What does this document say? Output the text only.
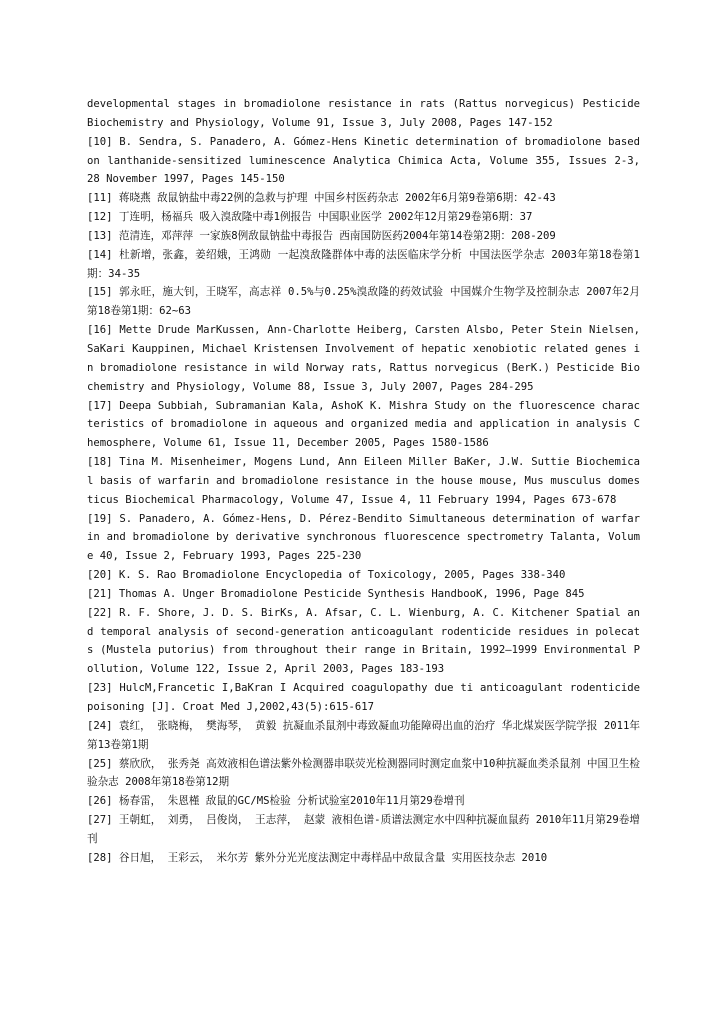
developmental stages in bromadiolone resistance in rats (Rattus norvegicus) Pesticide Biochemistry and Physiology, Volume 91, Issue 3, July 2008, Pages 147-152

[10] B. Sendra, S. Panadero, A. Gómez-Hens Kinetic determination of bromadiolone based on lanthanide-sensitized luminescence Analytica Chimica Acta, Volume 355, Issues 2-3, 28 November 1997, Pages 145-150

[11] 蒋晓燕 敌鼠钠盐中毒22例的急救与护理 中国乡村医药杂志 2002年6月第9卷第6期：42-43

[12] 丁连明，杨福兵 吸入溴敌隆中毒1例报告 中国职业医学 2002年12月第29卷第6期：37

[13] 范清连，邓萍萍 一家族8例敌鼠钠盐中毒报告 西南国防医药2004年第14卷第2期：208-209

[14] 杜新增，张鑫，姜绍娥，王鸿勋 一起溴敌隆群体中毒的法医临床学分析 中国法医学杂志 2003年第18卷第1期：34-35

[15] 郭永旺，施大钊，王晓军，高志祥 0.5%与0.25%溴敌隆的药效试验 中国媒介生物学及控制杂志 2007年2月第18卷第1期：62~63

[16] Mette Drude MarKussen, Ann-Charlotte Heiberg, Carsten Alsbo, Peter Stein Nielsen, SaKari Kauppinen, Michael Kristensen Involvement of hepatic xenobiotic related genes in bromadiolone resistance in wild Norway rats, Rattus norvegicus (BerK.) Pesticide Biochemistry and Physiology, Volume 88, Issue 3, July 2007, Pages 284-295

[17] Deepa Subbiah, Subramanian Kala, AshoK K. Mishra Study on the fluorescence characteristics of bromadiolone in aqueous and organized media and application in analysis Chemosphere, Volume 61, Issue 11, December 2005, Pages 1580-1586

[18] Tina M. Misenheimer, Mogens Lund, Ann Eileen Miller BaKer, J.W. Suttie Biochemical basis of warfarin and bromadiolone resistance in the house mouse, Mus musculus domesticus Biochemical Pharmacology, Volume 47, Issue 4, 11 February 1994, Pages 673-678

[19] S. Panadero, A. Gómez-Hens, D. Pérez-Bendito Simultaneous determination of warfarin and bromadiolone by derivative synchronous fluorescence spectrometry Talanta, Volume 40, Issue 2, February 1993, Pages 225-230

[20] K. S. Rao Bromadiolone Encyclopedia of Toxicology, 2005, Pages 338-340

[21] Thomas A. Unger Bromadiolone Pesticide Synthesis HandbooK, 1996, Page 845

[22] R. F. Shore, J. D. S. BirKs, A. Afsar, C. L. Wienburg, A. C. Kitchener Spatial and temporal analysis of second-generation anticoagulant rodenticide residues in polecats (Mustela putorius) from throughout their range in Britain, 1992–1999 Environmental Pollution, Volume 122, Issue 2, April 2003, Pages 183-193

[23] HulcM,Francetic I,BaKran I Acquired coagulopathy due ti anticoagulant rodenticide poisoning [J]. Croat Med J,2002,43(5):615-617

[24] 袁红， 张晓梅， 樊海琴， 黄毅 抗凝血杀鼠剂中毒致凝血功能障碍出血的治疗 华北煤炭医学院学报 2011年第13卷第1期

[25] 蔡欣欣， 张秀尧 高效液相色谱法紫外检测器串联荧光检测器同时测定血浆中10种抗凝血类杀鼠剂 中国卫生检验杂志 2008年第18卷第12期

[26] 杨春雷， 朱恩槿 敌鼠的GC/MS检验 分析试验室2010年11月第29卷增刊

[27] 王朝虹， 刘勇， 吕俊岗， 王志萍， 赵蒙 液相色谱-质谱法测定水中四种抗凝血鼠药 2010年11月第29卷增刊

[28] 谷日旭， 王彩云， 米尔芳 紫外分光光度法测定中毒样品中敌鼠含量 实用医技杂志 2010
